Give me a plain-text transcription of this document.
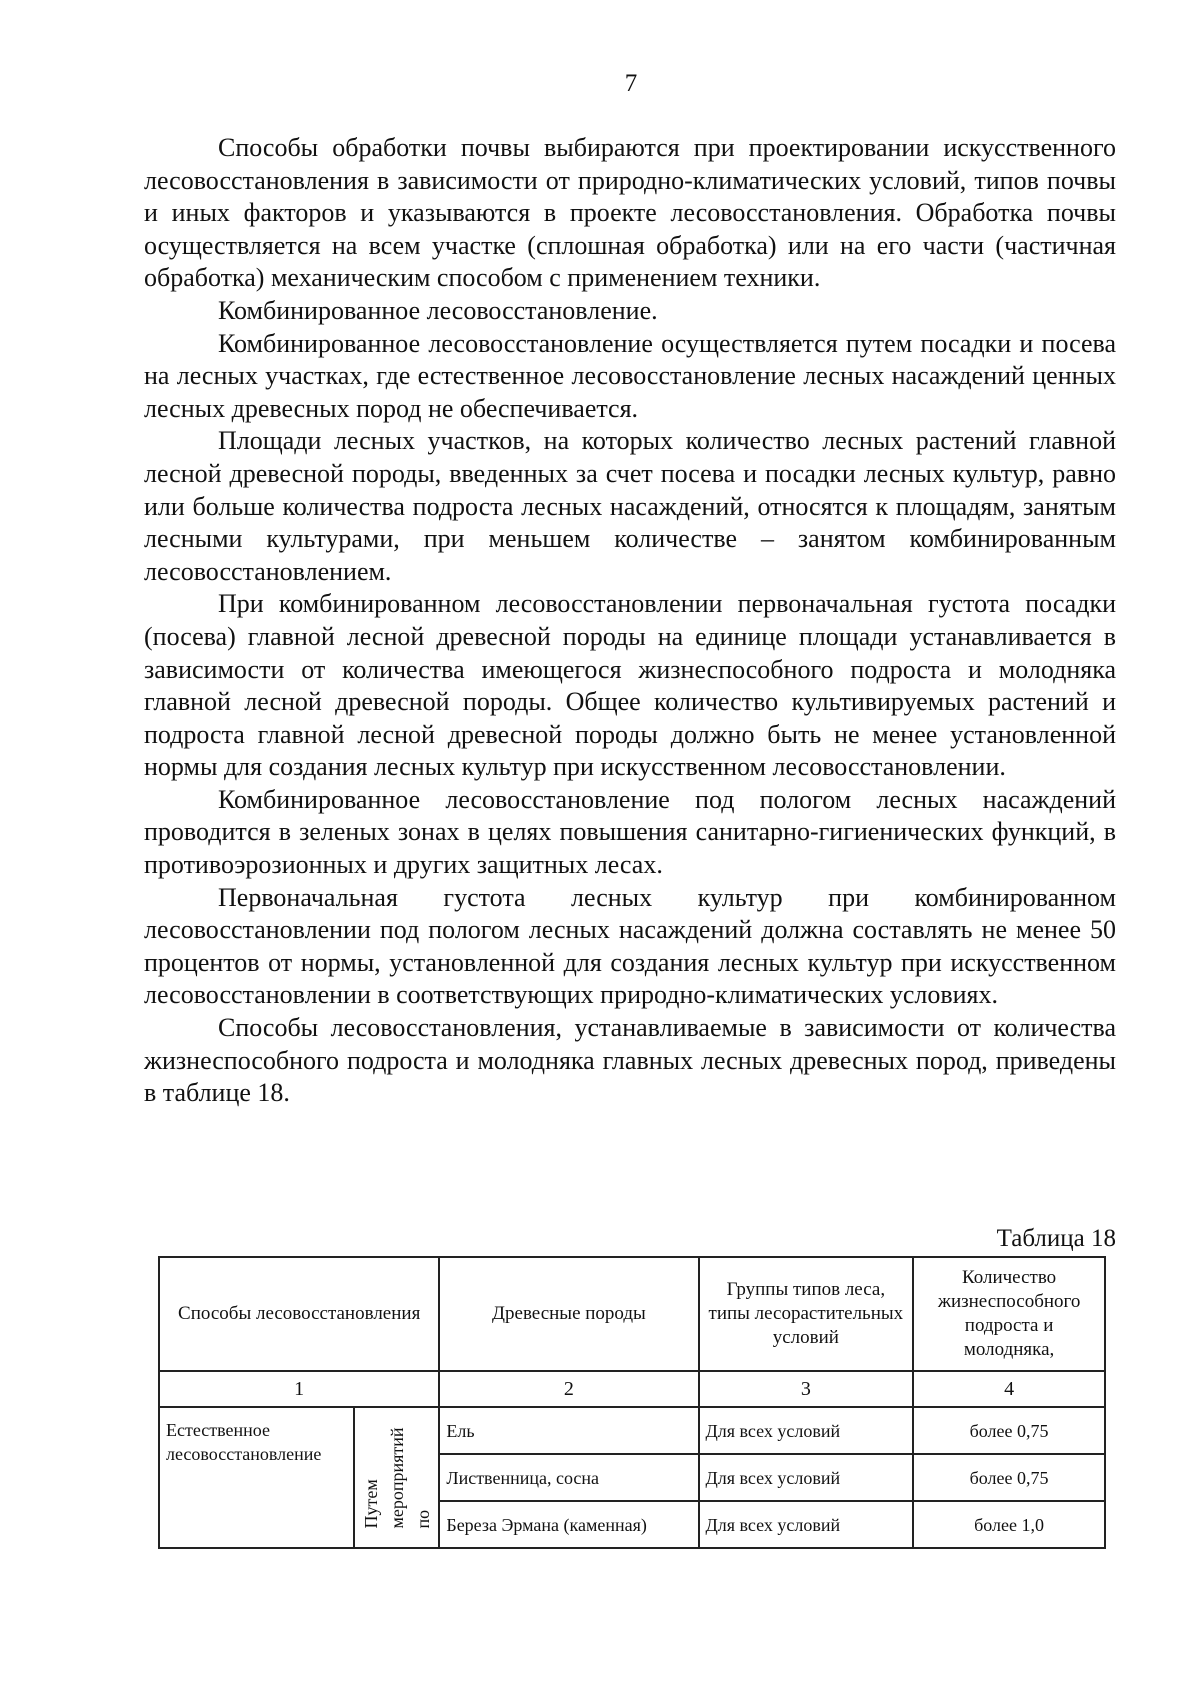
7

Способы обработки почвы выбираются при проектировании искусственного лесовосстановления в зависимости от природно-климатических условий, типов почвы и иных факторов и указываются в проекте лесовосстановления. Обработка почвы осуществляется на всем участке (сплошная обработка) или на его части (частичная обработка) механическим способом с применением техники.

Комбинированное лесовосстановление.

Комбинированное лесовосстановление осуществляется путем посадки и посева на лесных участках, где естественное лесовосстановление лесных насаждений ценных лесных древесных пород не обеспечивается.

Площади лесных участков, на которых количество лесных растений главной лесной древесной породы, введенных за счет посева и посадки лесных культур, равно или больше количества подроста лесных насаждений, относятся к площадям, занятым лесными культурами, при меньшем количестве – занятом комбинированным лесовосстановлением.

При комбинированном лесовосстановлении первоначальная густота посадки (посева) главной лесной древесной породы на единице площади устанавливается в зависимости от количества имеющегося жизнеспособного подроста и молодняка главной лесной древесной породы. Общее количество культивируемых растений и подроста главной лесной древесной породы должно быть не менее установленной нормы для создания лесных культур при искусственном лесовосстановлении.

Комбинированное лесовосстановление под пологом лесных насаждений проводится в зеленых зонах в целях повышения санитарно-гигиенических функций, в противоэрозионных и других защитных лесах.

Первоначальная густота лесных культур при комбинированном лесовосстановлении под пологом лесных насаждений должна составлять не менее 50 процентов от нормы, установленной для создания лесных культур при искусственном лесовосстановлении в соответствующих природно-климатических условиях.

Способы лесовосстановления, устанавливаемые в зависимости от количества жизнеспособного подроста и молодняка главных лесных древесных пород, приведены в таблице 18.

Таблица 18
Способы лесовосстановления		Древесные породы	Группы типов леса, типы лесорастительных условий	Количество жизнеспособного подроста и молодняка,
1		2	3	4
Естественное лесовосстановление	Путем мероприятий по	Ель	Для всех условий	более 0,75
		Лиственница, сосна	Для всех условий	более 0,75
		Береза Эрмана (каменная)	Для всех условий	более 1,0
